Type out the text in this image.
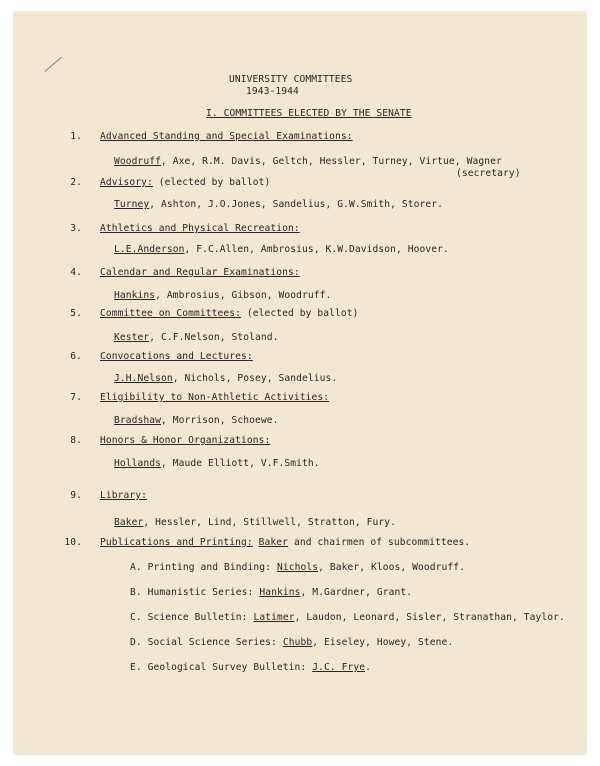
UNIVERSITY COMMITTEES
1943-1944
I. COMMITTEES ELECTED BY THE SENATE
1. Advanced Standing and Special Examinations:
Woodruff, Axe, R.M. Davis, Geltch, Hessler, Turney, Virtue, Wagner
(secretary)
2. Advisory: (elected by ballot)
Turney, Ashton, J.O.Jones, Sandelius, G.W.Smith, Storer.
3. Athletics and Physical Recreation:
L.E.Anderson, F.C.Allen, Ambrosius, K.W.Davidson, Hoover.
4. Calendar and Regular Examinations:
Hankins, Ambrosius, Gibson, Woodruff.
5. Committee on Committees: (elected by ballot)
Kester, C.F.Nelson, Stoland.
6. Convocations and Lectures:
J.H.Nelson, Nichols, Posey, Sandelius.
7. Eligibility to Non-Athletic Activities:
Bradshaw, Morrison, Schoewe.
8. Honors & Honor Organizations:
Hollands, Maude Elliott, V.F.Smith.
9. Library:
Baker, Hessler, Lind, Stillwell, Stratton, Fury.
10. Publications and Printing: Baker and chairmen of subcommittees.
A. Printing and Binding: Nichols, Baker, Kloos, Woodruff.
B. Humanistic Series: Hankins, M.Gardner, Grant.
C. Science Bulletin: Latimer, Laudon, Leonard, Sisler, Stranathan, Taylor.
D. Social Science Series: Chubb, Eiseley, Howey, Stene.
E. Geological Survey Bulletin: J.C. Frye.
